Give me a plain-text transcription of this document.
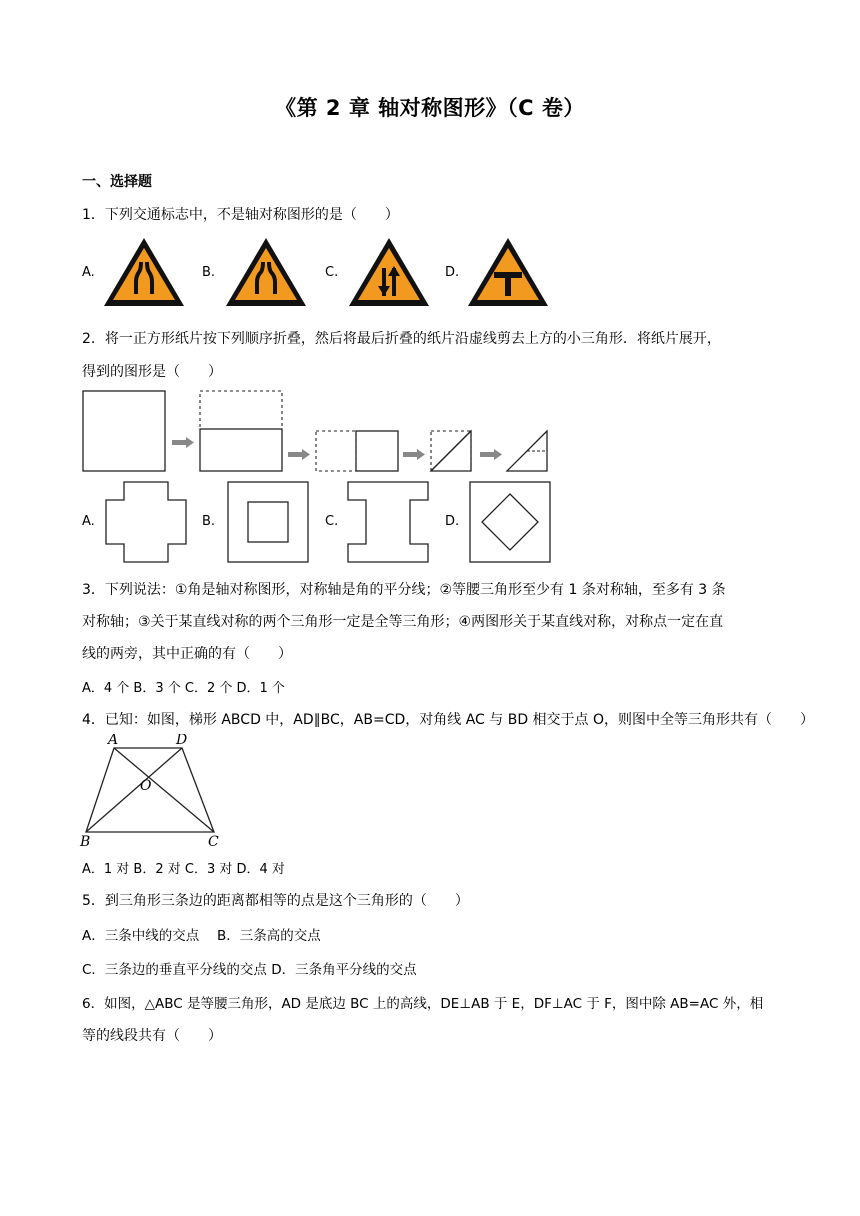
《第 2 章 轴对称图形》（C 卷）
一、选择题
1．下列交通标志中，不是轴对称图形的是（　　）
A.	B.	C.	D.
2．将一正方形纸片按下列顺序折叠，然后将最后折叠的纸片沿虚线剪去上方的小三角形．将纸片展开，
得到的图形是（　　）
A.	B.	C.	D.
3．下列说法：①角是轴对称图形，对称轴是角的平分线；②等腰三角形至少有 1 条对称轴，至多有 3 条
对称轴；③关于某直线对称的两个三角形一定是全等三角形；④两图形关于某直线对称，对称点一定在直
线的两旁，其中正确的有（　　）
A．4 个 B．3 个 C．2 个 D．1 个
4．已知：如图，梯形 ABCD 中，AD∥BC，AB=CD，对角线 AC 与 BD 相交于点 O，则图中全等三角形共有（　　）
A	D
O
B	C
A．1 对 B．2 对 C．3 对 D．4 对
5．到三角形三条边的距离都相等的点是这个三角形的（　　）
A．三条中线的交点　 B．三条高的交点
C．三条边的垂直平分线的交点 D．三条角平分线的交点
6．如图，△ABC 是等腰三角形，AD 是底边 BC 上的高线，DE⊥AB 于 E，DF⊥AC 于 F，图中除 AB=AC 外，相
等的线段共有（　　）
